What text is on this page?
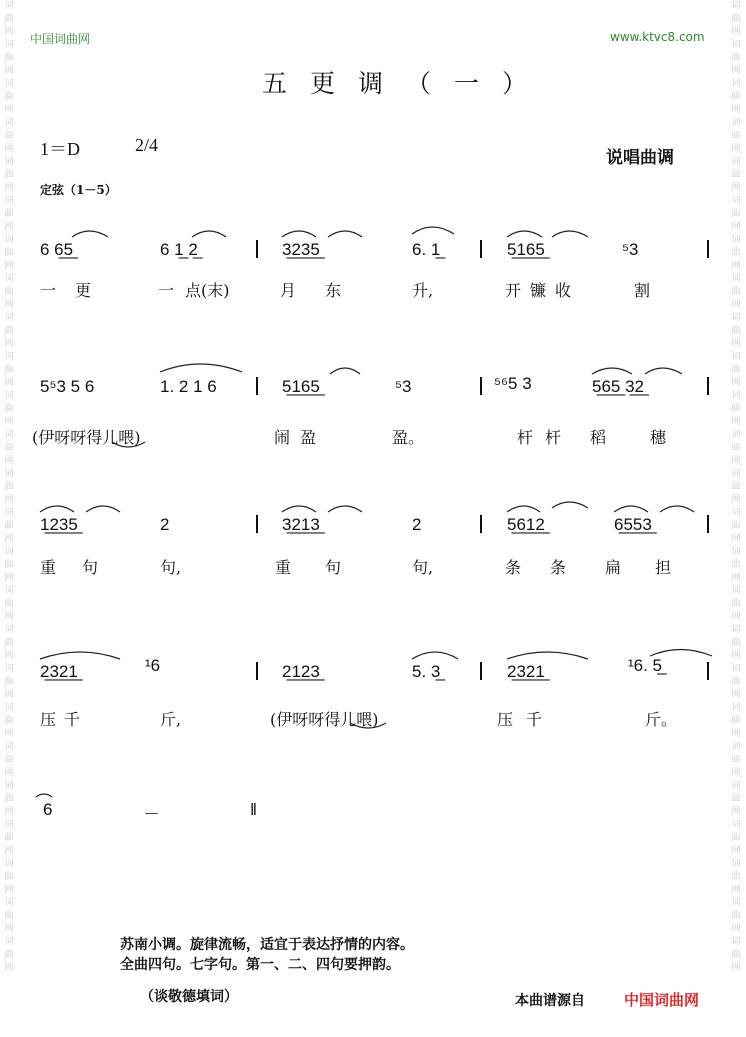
词曲网词曲网词曲网词曲网词曲网词曲网词曲网词曲网词曲网词曲网词曲网词曲网词曲网词曲网词曲网词曲网词曲网词曲网词曲网词曲网词曲网词曲网词曲网词曲网词曲网
词曲网词曲网词曲网词曲网词曲网词曲网词曲网词曲网词曲网词曲网词曲网词曲网词曲网词曲网词曲网词曲网词曲网词曲网词曲网词曲网词曲网词曲网词曲网词曲网词曲网
中国词曲网	www.ktvc8.com
五更调（一）
1＝D	2/4
说唱曲调
定弦（1－5）
6 6̲5̲	6 1̲ 2̲	3̲2̲3̲5̲	6. 1̲	5̲1̲6̲5̲	⁵3
一 更	一 点(末)	月 东	升,	开 镰 收	割
5⁵3 5 6	1. 2 1 6	5̲1̲6̲5̲	⁵3	⁵⁶5 3	5̲6̲5̲ 3̲2̲
(伊呀呀得儿喂)	闹 盈	盈。	杆 杆 稻	穗
1̲2̲3̲5̲	2	3̲2̲1̲3̲	2	5̲6̲1̲2̲	6̲5̲5̲3̲
重 句	句,	重 句	句,	条 条 扁 担
2̲3̲2̲1̲	¹6	2̲1̲2̲3̲	5. 3̲	2̲3̲2̲1̲	¹6. 5̲
压 千	斤,	(伊呀呀得儿喂)	压 千	斤。
6	－	‖
苏南小调。旋律流畅，适宜于表达抒情的内容。
全曲四句。七字句。第一、二、四句要押韵。
（谈敬德填词）	本曲谱源自	中国词曲网
